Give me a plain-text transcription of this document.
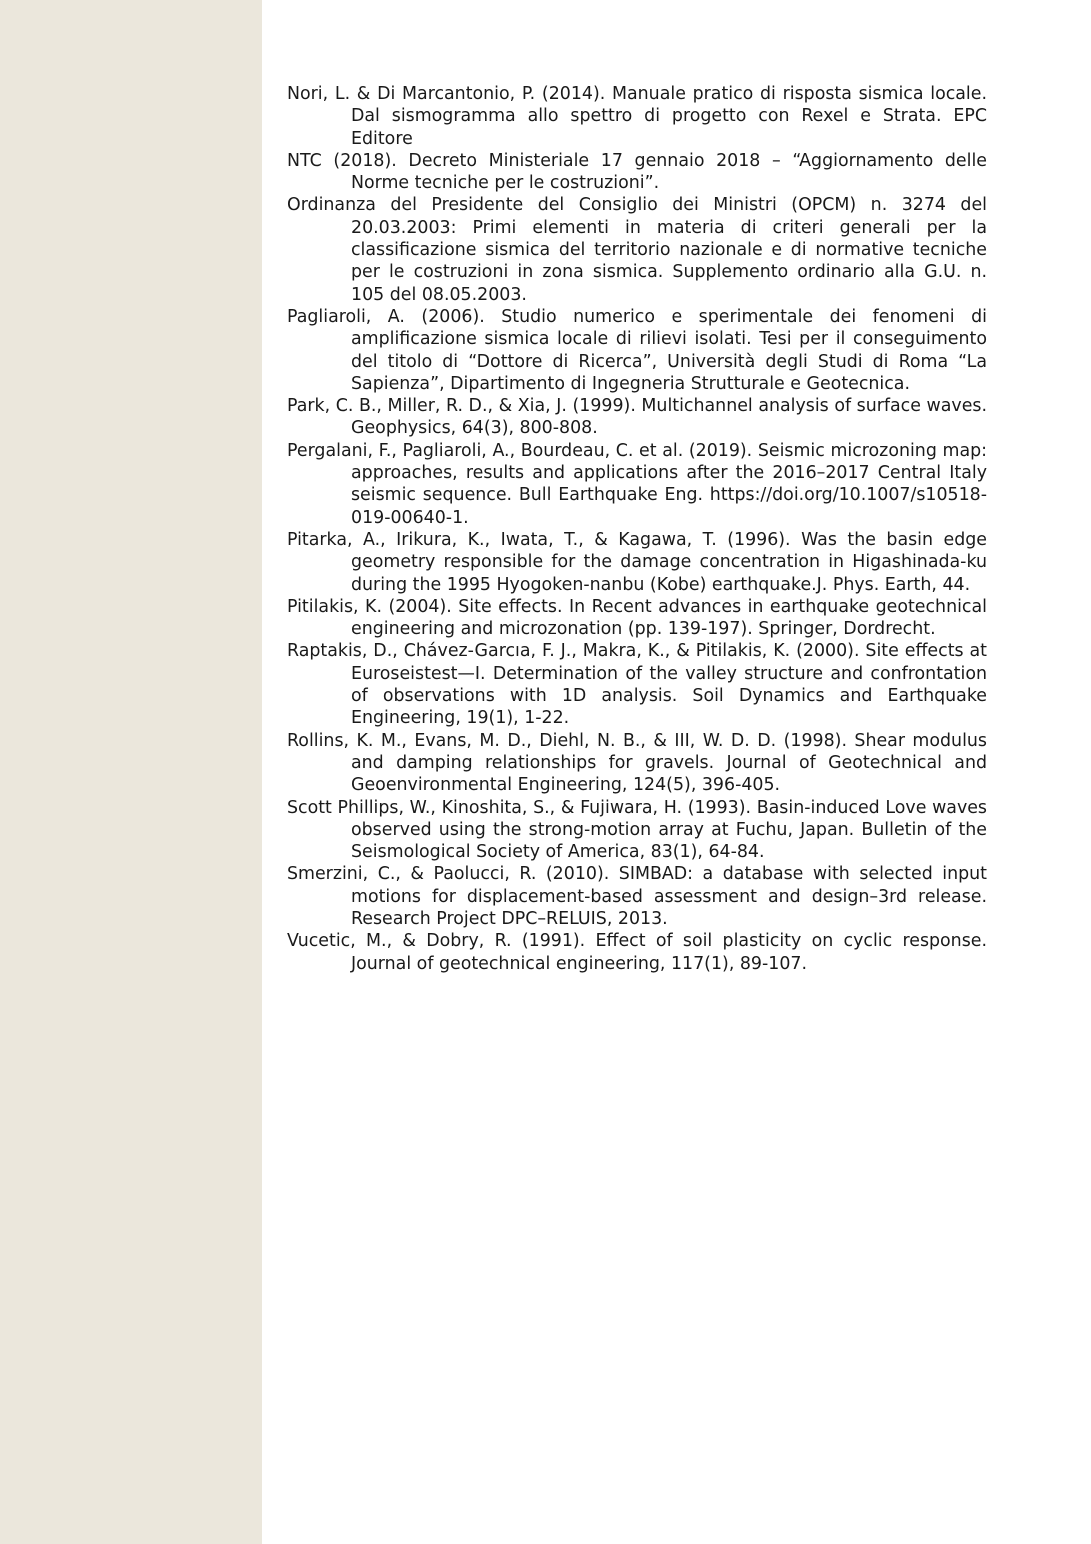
Nori, L. & Di Marcantonio, P. (2014). Manuale pratico di risposta sismica locale. Dal sismogramma allo spettro di progetto con Rexel e Strata. EPC Editore
NTC (2018). Decreto Ministeriale 17 gennaio 2018 – “Aggiornamento delle Norme tecniche per le costruzioni”.
Ordinanza del Presidente del Consiglio dei Ministri (OPCM) n. 3274 del 20.03.2003: Primi elementi in materia di criteri generali per la classificazione sismica del territorio nazionale e di normative tecniche per le costruzioni in zona sismica. Supplemento ordinario alla G.U. n. 105 del 08.05.2003.
Pagliaroli, A. (2006). Studio numerico e sperimentale dei fenomeni di amplificazione sismica locale di rilievi isolati. Tesi per il conseguimento del titolo di “Dottore di Ricerca”, Università degli Studi di Roma “La Sapienza”, Dipartimento di Ingegneria Strutturale e Geotecnica.
Park, C. B., Miller, R. D., & Xia, J. (1999). Multichannel analysis of surface waves. Geophysics, 64(3), 800-808.
Pergalani, F., Pagliaroli, A., Bourdeau, C. et al. (2019). Seismic microzoning map: approaches, results and applications after the 2016–2017 Central Italy seismic sequence. Bull Earthquake Eng. https://doi.org/10.1007/s10518-019-00640-1.
Pitarka, A., Irikura, K., Iwata, T., & Kagawa, T. (1996). Was the basin edge geometry responsible for the damage concentration in Higashinada-ku during the 1995 Hyogoken-nanbu (Kobe) earthquake.J. Phys. Earth, 44.
Pitilakis, K. (2004). Site effects. In Recent advances in earthquake geotechnical engineering and microzonation (pp. 139-197). Springer, Dordrecht.
Raptakis, D., Chávez-Garcıa, F. J., Makra, K., & Pitilakis, K. (2000). Site effects at Euroseistest—I. Determination of the valley structure and confrontation of observations with 1D analysis. Soil Dynamics and Earthquake Engineering, 19(1), 1-22.
Rollins, K. M., Evans, M. D., Diehl, N. B., & III, W. D. D. (1998). Shear modulus and damping relationships for gravels. Journal of Geotechnical and Geoenvironmental Engineering, 124(5), 396-405.
Scott Phillips, W., Kinoshita, S., & Fujiwara, H. (1993). Basin-induced Love waves observed using the strong-motion array at Fuchu, Japan. Bulletin of the Seismological Society of America, 83(1), 64-84.
Smerzini, C., & Paolucci, R. (2010). SIMBAD: a database with selected input motions for displacement-based assessment and design–3rd release. Research Project DPC–RELUIS, 2013.
Vucetic, M., & Dobry, R. (1991). Effect of soil plasticity on cyclic response. Journal of geotechnical engineering, 117(1), 89-107.
